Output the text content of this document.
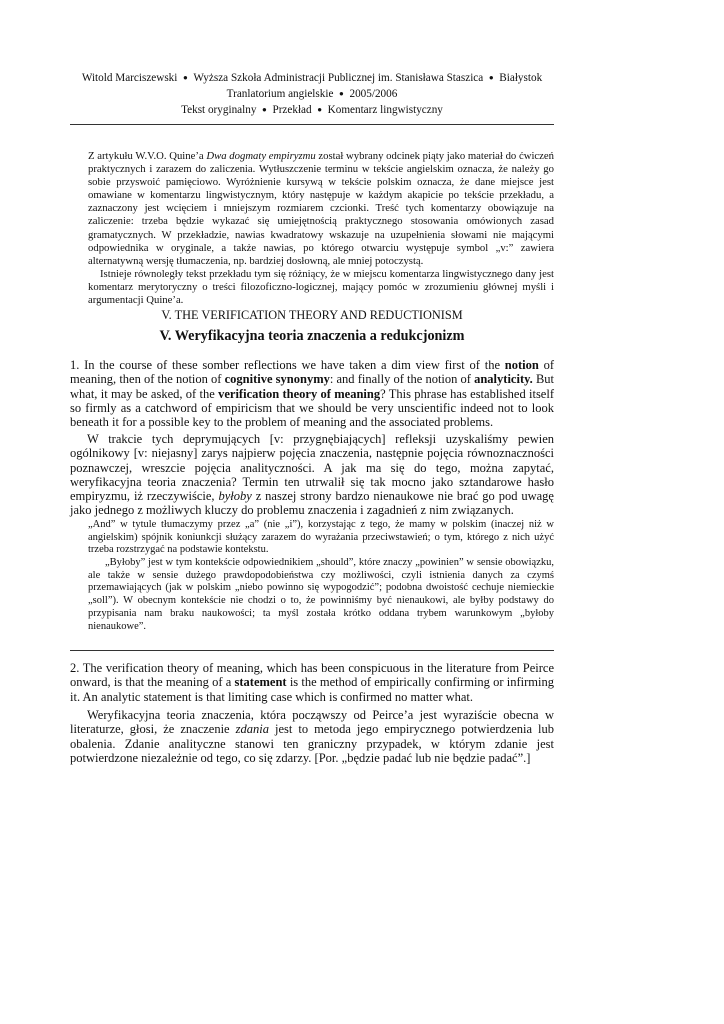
Witold Marciszewski ● Wyższa Szkoła Administracji Publicznej im. Stanisława Staszica ● Białystok
Tranlatorium angielskie ● 2005/2006
Tekst oryginalny ● Przekład ● Komentarz lingwistyczny

Z artykułu W.V.O. Quine’a Dwa dogmaty empiryzmu został wybrany odcinek piąty jako materiał do ćwiczeń praktycznych i zarazem do zaliczenia. Wytłuszczenie terminu w tekście angielskim oznacza, że należy go sobie przyswoić pamięciowo. Wyróżnienie kursywą w tekście polskim oznacza, że dane miejsce jest omawiane w komentarzu lingwistycznym, który następuje w każdym akapicie po tekście przekładu, a zaznaczony jest wcięciem i mniejszym rozmiarem czcionki. Treść tych komentarzy obowiązuje na zaliczenie: trzeba będzie wykazać się umiejętnością praktycznego stosowania omówionych zasad gramatycznych. W przekładzie, nawias kwadratowy wskazuje na uzupełnienia słowami nie mającymi odpowiednika w oryginale, a także nawias, po którego otwarciu występuje symbol „v:” zawiera alternatywną wersję tłumaczenia, np. bardziej dosłowną, ale mniej potoczystą.

Istnieje równoległy tekst przekładu tym się różniący, że w miejscu komentarza lingwistycznego dany jest komentarz merytoryczny o treści filozoficzno-logicznej, mający pomóc w zrozumieniu głównej myśli i argumentacji Quine’a.

V. THE VERIFICATION THEORY AND REDUCTIONISM
V. Weryfikacyjna teoria znaczenia a redukcjonizm

1. In the course of these somber reflections we have taken a dim view first of the notion of meaning, then of the notion of cognitive synonymy: and finally of the notion of analyticity. But what, it may be asked, of the verification theory of meaning? This phrase has established itself so firmly as a catchword of empiricism that we should be very unscientific indeed not to look beneath it for a possible key to the problem of meaning and the associated problems.

W trakcie tych deprymujących [v: przygnębiających] refleksji uzyskaliśmy pewien ogólnikowy [v: niejasny] zarys najpierw pojęcia znaczenia, następnie pojęcia równoznaczności poznawczej, wreszcie pojęcia analityczności. A jak ma się do tego, można zapytać, weryfikacyjna teoria znaczenia? Termin ten utrwalił się tak mocno jako sztandarowe hasło empiryzmu, iż rzeczywiście, byłoby z naszej strony bardzo nienaukowe nie brać go pod uwagę jako jednego z możliwych kluczy do problemu znaczenia i zagadnień z nim związanych.

„And” w tytule tłumaczymy przez „a” (nie „i”), korzystając z tego, że mamy w polskim (inaczej niż w angielskim) spójnik koniunkcji służący zarazem do wyrażania przeciwstawień; o tym, którego z nich użyć trzeba rozstrzygać na podstawie kontekstu.

„Byłoby” jest w tym kontekście odpowiednikiem „should”, które znaczy „powinien” w sensie obowiązku, ale także w sensie dużego prawdopodobieństwa czy możliwości, czyli istnienia danych za czymś przemawiających (jak w polskim „niebo powinno się wypogodzić”; podobna dwoistość cechuje niemieckie „soll”). W obecnym kontekście nie chodzi o to, że powinniśmy być nienaukowi, ale byłby podstawy do przypisania nam braku naukowości; ta myśl została krótko oddana trybem warunkowym „byłoby nienaukowe”.

2. The verification theory of meaning, which has been conspicuous in the literature from Peirce onward, is that the meaning of a statement is the method of empirically confirming or infirming it. An analytic statement is that limiting case which is confirmed no matter what.

Weryfikacyjna teoria znaczenia, która począwszy od Peirce’a jest wyraziście obecna w literaturze, głosi, że znaczenie zdania jest to metoda jego empirycznego potwierdzenia lub obalenia. Zdanie analityczne stanowi ten graniczny przypadek, w którym zdanie jest potwierdzone niezależnie od tego, co się zdarzy. [Por. „będzie padać lub nie będzie padać”.]
